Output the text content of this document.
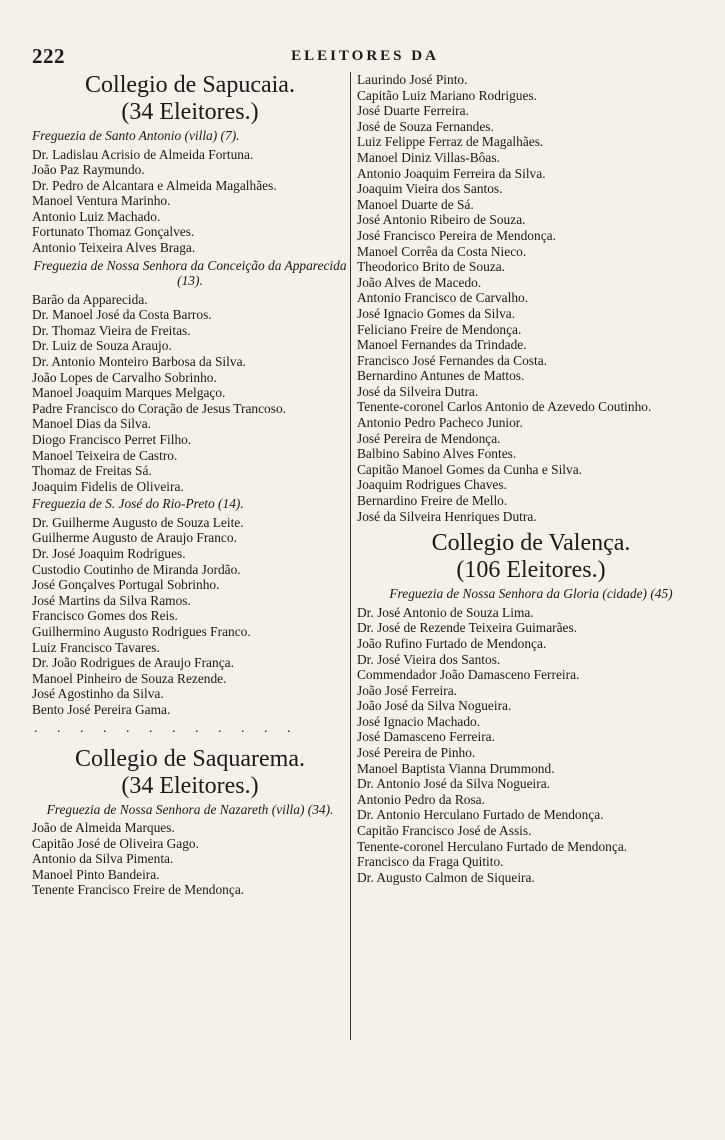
222	ELEITORES DA
Collegio de Sapucaia.
(34 Eleitores.)
Freguezia de Santo Antonio (villa) (7).
Dr. Ladislau Acrisio de Almeida Fortuna.
João Paz Raymundo.
Dr. Pedro de Alcantara e Almeida Magalhães.
Manoel Ventura Marinho.
Antonio Luiz Machado.
Fortunato Thomaz Gonçalves.
Antonio Teixeira Alves Braga.
Freguezia de Nossa Senhora da Conceição da Apparecida (13).
Barão da Apparecida.
Dr. Manoel José da Costa Barros.
Dr. Thomaz Vieira de Freitas.
Dr. Luiz de Souza Araujo.
Dr. Antonio Monteiro Barbosa da Silva.
João Lopes de Carvalho Sobrinho.
Manoel Joaquim Marques Melgaço.
Padre Francisco do Coração de Jesus Trancoso.
Manoel Dias da Silva.
Diogo Francisco Perret Filho.
Manoel Teixeira de Castro.
Thomaz de Freitas Sá.
Joaquim Fidelis de Oliveira.
Freguezia de S. José do Rio-Preto (14).
Dr. Guilherme Augusto de Souza Leite.
Guilherme Augusto de Araujo Franco.
Dr. José Joaquim Rodrigues.
Custodio Coutinho de Miranda Jordão.
José Gonçalves Portugal Sobrinho.
José Martins da Silva Ramos.
Francisco Gomes dos Reis.
Guilhermino Augusto Rodrigues Franco.
Luiz Francisco Tavares.
Dr. João Rodrigues de Araujo França.
Manoel Pinheiro de Souza Rezende.
José Agostinho da Silva.
Bento José Pereira Gama.
. . . . . . . . . . . .
Collegio de Saquarema.
(34 Eleitores.)
Freguezia de Nossa Senhora de Nazareth (villa) (34).
João de Almeida Marques.
Capitão José de Oliveira Gago.
Antonio da Silva Pimenta.
Manoel Pinto Bandeira.
Tenente Francisco Freire de Mendonça.
Laurindo José Pinto.
Capitão Luiz Mariano Rodrigues.
José Duarte Ferreira.
José de Souza Fernandes.
Luiz Felippe Ferraz de Magalhães.
Manoel Diniz Villas-Bôas.
Antonio Joaquim Ferreira da Silva.
Joaquim Vieira dos Santos.
Manoel Duarte de Sá.
José Antonio Ribeiro de Souza.
José Francisco Pereira de Mendonça.
Manoel Corrêa da Costa Nieco.
Theodorico Brito de Souza.
João Alves de Macedo.
Antonio Francisco de Carvalho.
José Ignacio Gomes da Silva.
Feliciano Freire de Mendonça.
Manoel Fernandes da Trindade.
Francisco José Fernandes da Costa.
Bernardino Antunes de Mattos.
José da Silveira Dutra.
Tenente-coronel Carlos Antonio de Azevedo Coutinho.
Antonio Pedro Pacheco Junior.
José Pereira de Mendonça.
Balbino Sabino Alves Fontes.
Capitão Manoel Gomes da Cunha e Silva.
Joaquim Rodrigues Chaves.
Bernardino Freire de Mello.
José da Silveira Henriques Dutra.
Collegio de Valença.
(106 Eleitores.)
Freguezia de Nossa Senhora da Gloria (cidade) (45)
Dr. José Antonio de Souza Lima.
Dr. José de Rezende Teixeira Guimarães.
João Rufino Furtado de Mendonça.
Dr. José Vieira dos Santos.
Commendador João Damasceno Ferreira.
João José Ferreira.
João José da Silva Nogueira.
José Ignacio Machado.
José Damasceno Ferreira.
José Pereira de Pinho.
Manoel Baptista Vianna Drummond.
Dr. Antonio José da Silva Nogueira.
Antonio Pedro da Rosa.
Dr. Antonio Herculano Furtado de Mendonça.
Capitão Francisco José de Assis.
Tenente-coronel Herculano Furtado de Mendonça.
Francisco da Fraga Quitito.
Dr. Augusto Calmon de Siqueira.
